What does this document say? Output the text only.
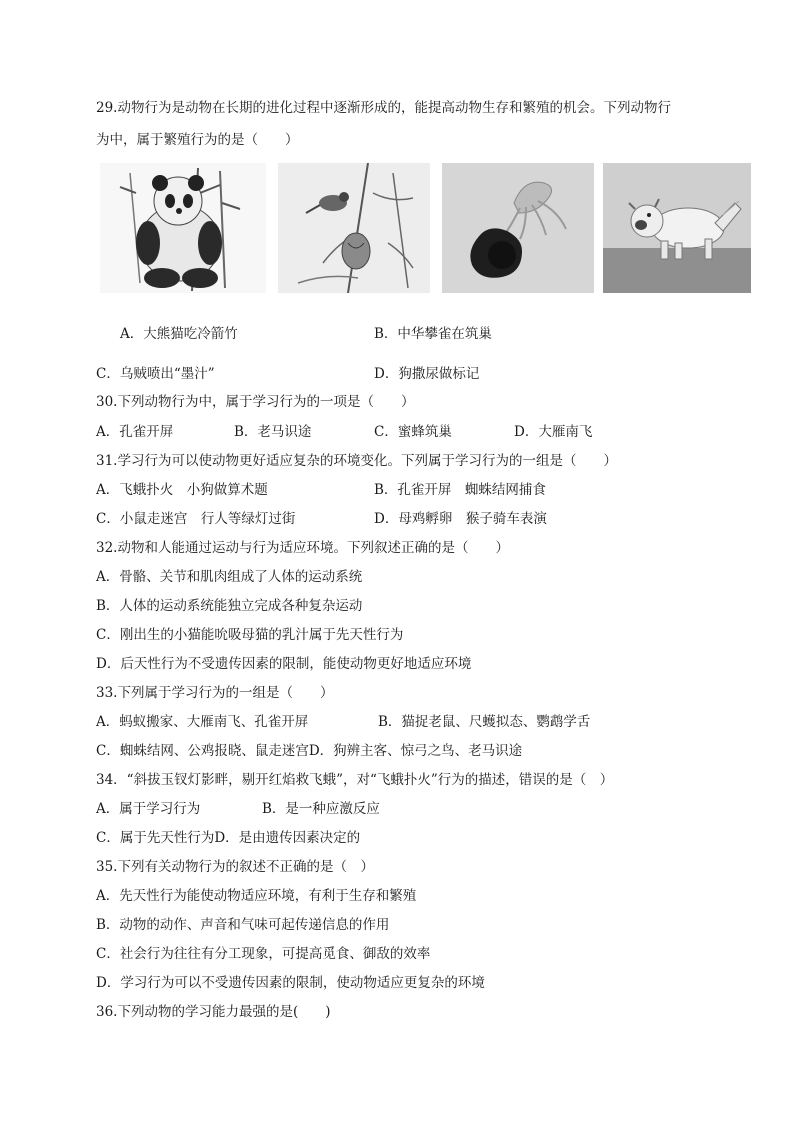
29.动物行为是动物在长期的进化过程中逐渐形成的，能提高动物生存和繁殖的机会。下列动物行
为中，属于繁殖行为的是（　　）
A．大熊猫吃冷箭竹	B．中华攀雀在筑巢
C．乌贼喷出“墨汁”	D．狗撒尿做标记
30.下列动物行为中，属于学习行为的一项是（　　）
A．孔雀开屏	B．老马识途	C．蜜蜂筑巢	D．大雁南飞
31.学习行为可以使动物更好适应复杂的环境变化。下列属于学习行为的一组是（　　）
A．飞蛾扑火　小狗做算术题	B．孔雀开屏　蜘蛛结网捕食
C．小鼠走迷宫　行人等绿灯过街	D．母鸡孵卵　猴子骑车表演
32.动物和人能通过运动与行为适应环境。下列叙述正确的是（　　）
A．骨骼、关节和肌肉组成了人体的运动系统
B．人体的运动系统能独立完成各种复杂运动
C．刚出生的小猫能吮吸母猫的乳汁属于先天性行为
D．后天性行为不受遗传因素的限制，能使动物更好地适应环境
33.下列属于学习行为的一组是（　　）
A．蚂蚁搬家、大雁南飞、孔雀开屏	B．猫捉老鼠、尺蠖拟态、鹦鹉学舌
C．蜘蛛结网、公鸡报晓、鼠走迷宫D．狗辨主客、惊弓之鸟、老马识途
34．“斜拔玉钗灯影畔，剔开红焰救飞蛾”，对“飞蛾扑火”行为的描述，错误的是（　）
A．属于学习行为	B．是一种应激反应
C．属于先天性行为D．是由遗传因素决定的
35.下列有关动物行为的叙述不正确的是（　）
A．先天性行为能使动物适应环境，有利于生存和繁殖
B．动物的动作、声音和气味可起传递信息的作用
C．社会行为往往有分工现象，可提高觅食、御敌的效率
D．学习行为可以不受遗传因素的限制，使动物适应更复杂的环境
36.下列动物的学习能力最强的是(　　)
